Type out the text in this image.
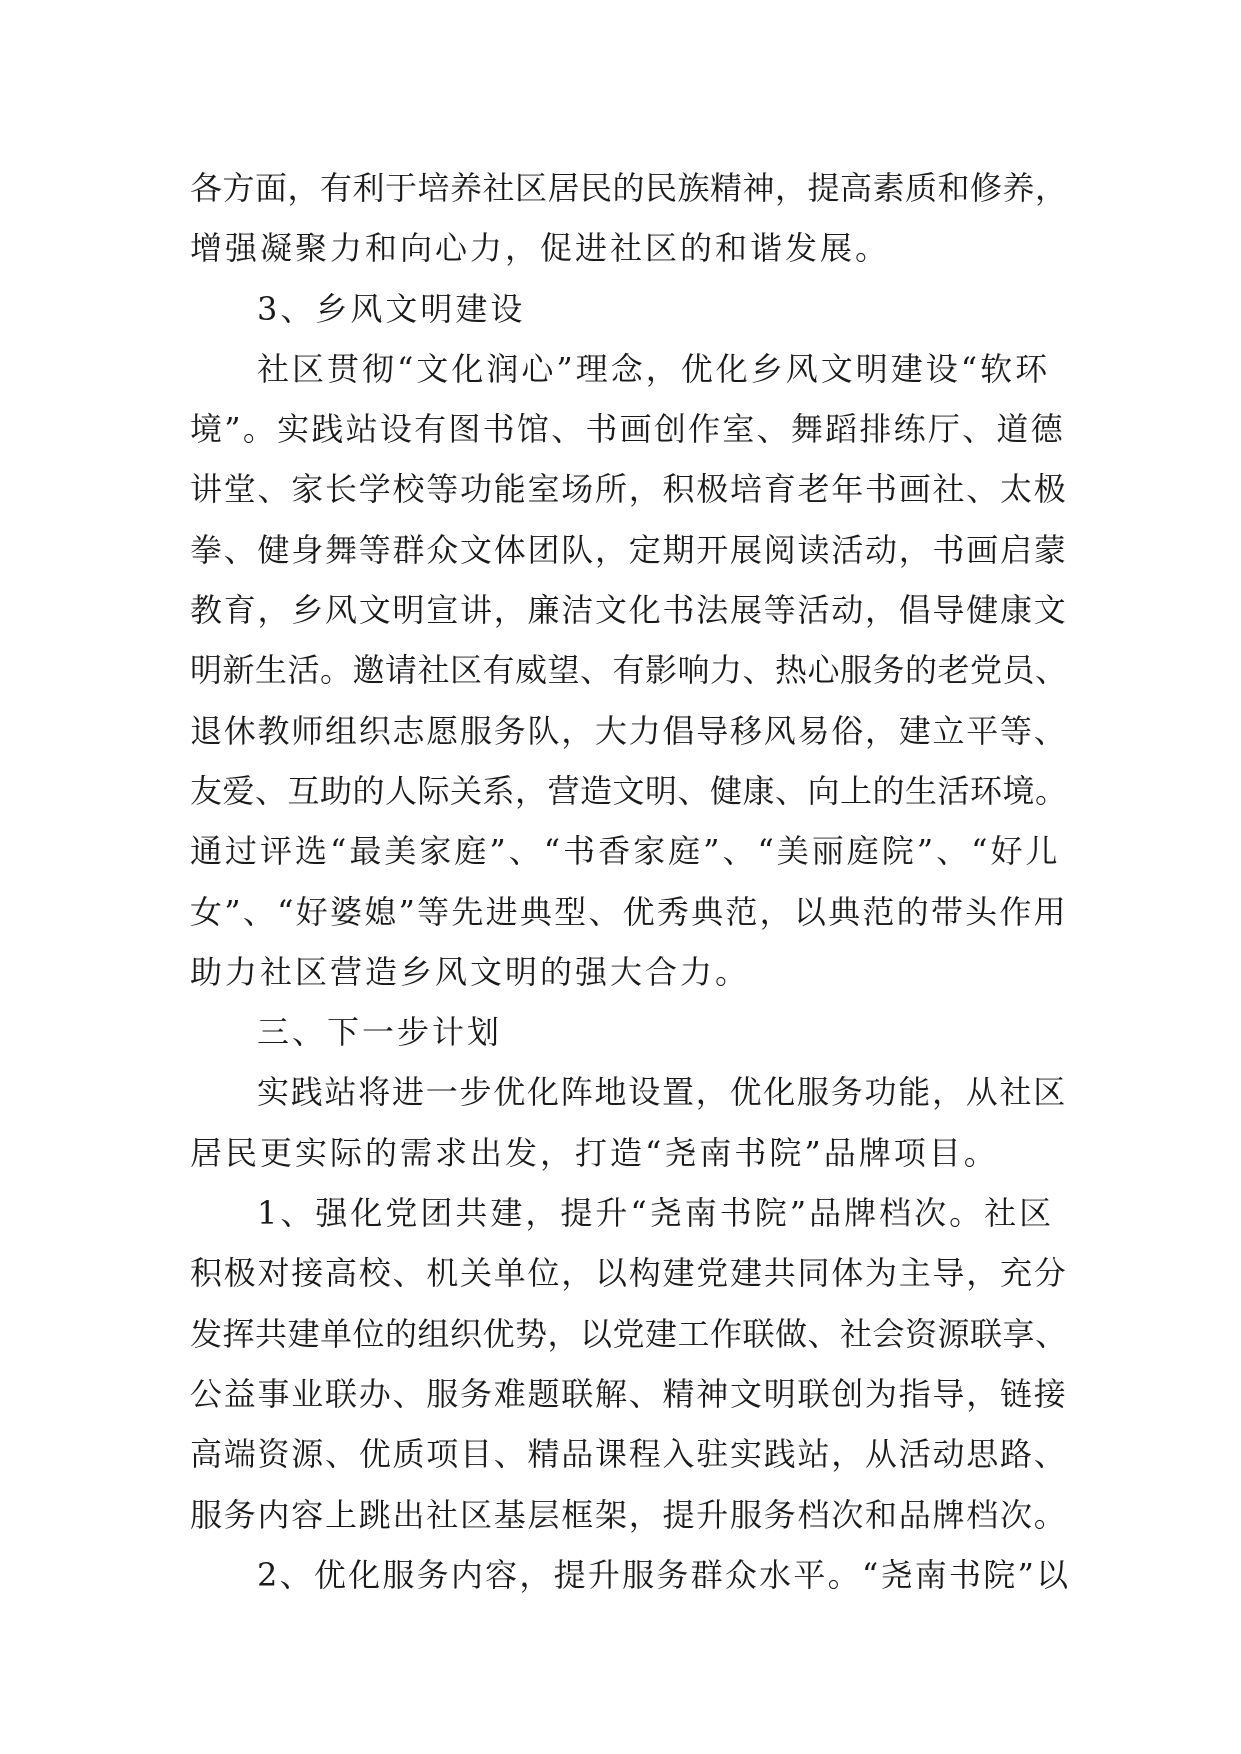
各方面，有利于培养社区居民的民族精神，提高素质和修养，
增强凝聚力和向心力，促进社区的和谐发展。
3、乡风文明建设
社区贯彻“文化润心”理念，优化乡风文明建设“软环
境”。实践站设有图书馆、书画创作室、舞蹈排练厅、道德
讲堂、家长学校等功能室场所，积极培育老年书画社、太极
拳、健身舞等群众文体团队，定期开展阅读活动，书画启蒙
教育，乡风文明宣讲，廉洁文化书法展等活动，倡导健康文
明新生活。邀请社区有威望、有影响力、热心服务的老党员、
退休教师组织志愿服务队，大力倡导移风易俗，建立平等、
友爱、互助的人际关系，营造文明、健康、向上的生活环境。
通过评选“最美家庭”、“书香家庭”、“美丽庭院”、“好儿
女”、“好婆媳”等先进典型、优秀典范，以典范的带头作用
助力社区营造乡风文明的强大合力。
三、下一步计划
实践站将进一步优化阵地设置，优化服务功能，从社区
居民更实际的需求出发，打造“尧南书院”品牌项目。
1、强化党团共建，提升“尧南书院”品牌档次。社区
积极对接高校、机关单位，以构建党建共同体为主导，充分
发挥共建单位的组织优势，以党建工作联做、社会资源联享、
公益事业联办、服务难题联解、精神文明联创为指导，链接
高端资源、优质项目、精品课程入驻实践站，从活动思路、
服务内容上跳出社区基层框架，提升服务档次和品牌档次。
2、优化服务内容，提升服务群众水平。“尧南书院”以
